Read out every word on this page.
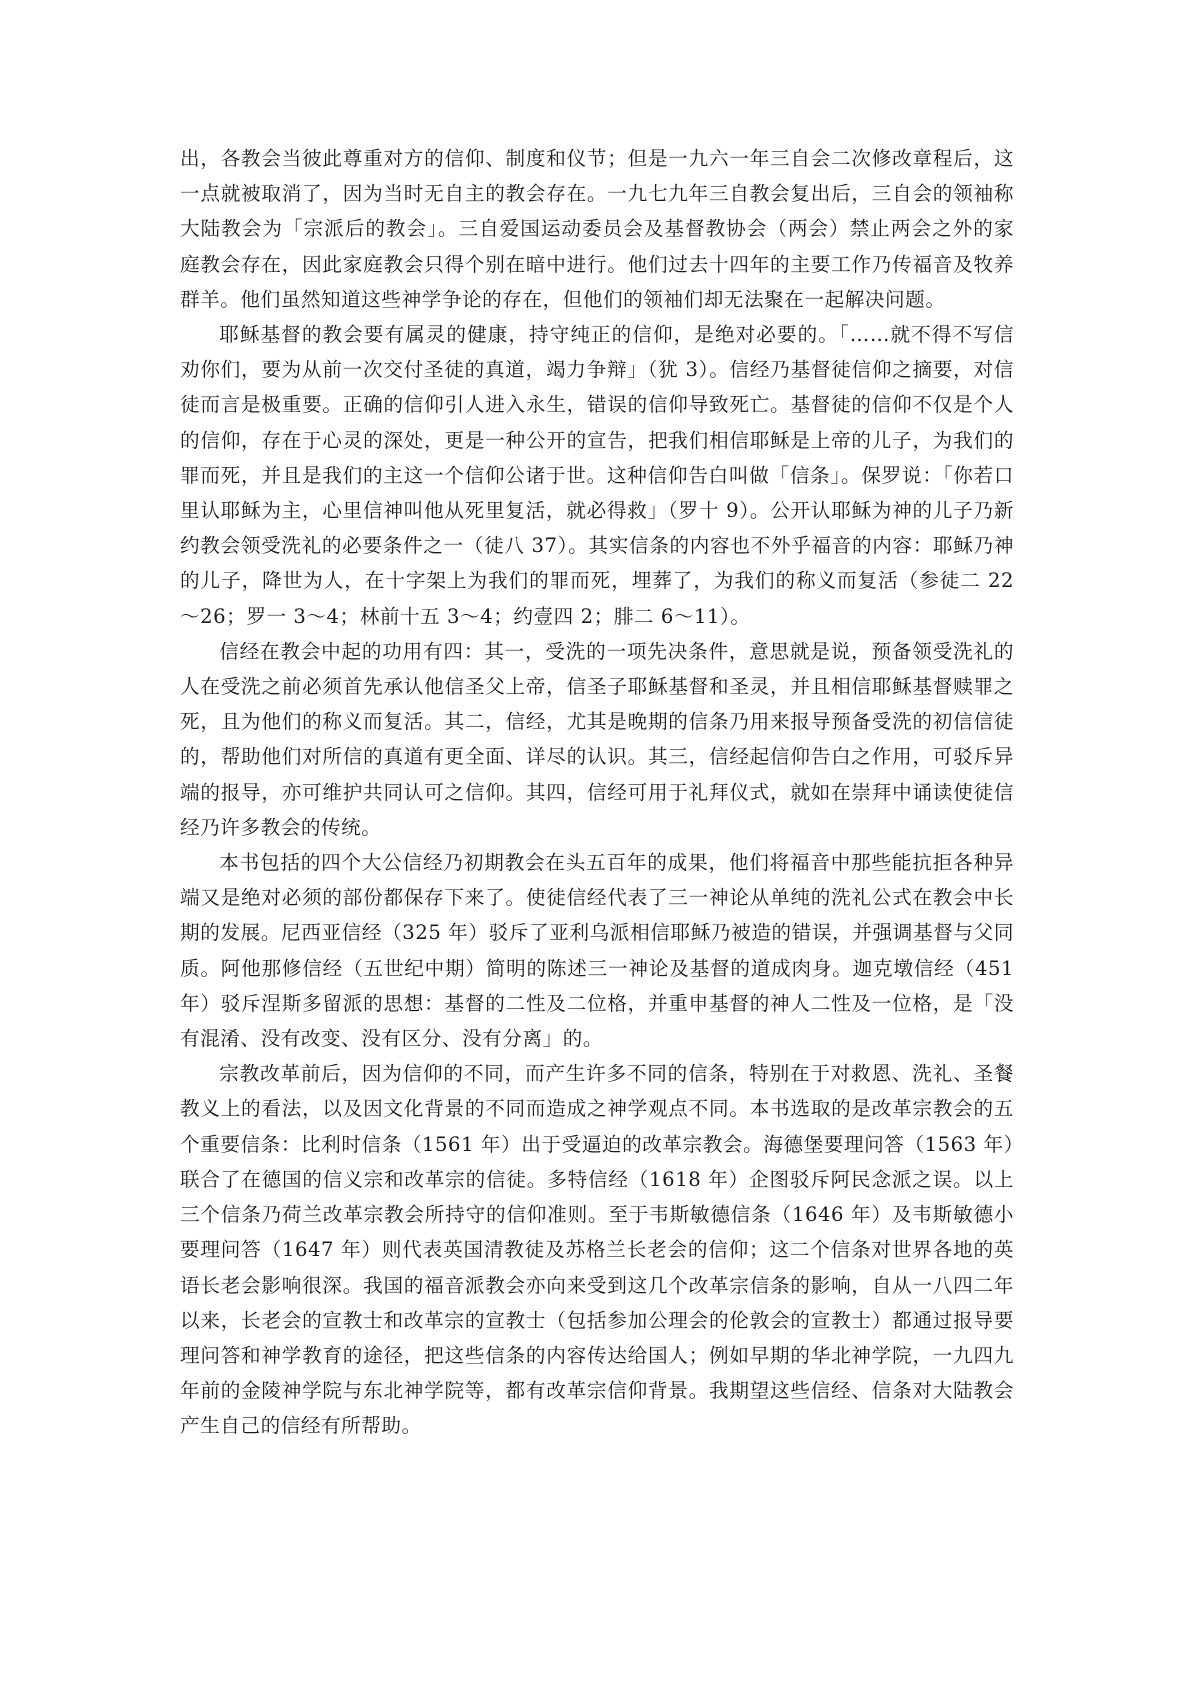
出，各教会当彼此尊重对方的信仰、制度和仪节；但是一九六一年三自会二次修改章程后，这一点就被取消了，因为当时无自主的教会存在。一九七九年三自教会复出后，三自会的领袖称大陆教会为「宗派后的教会」。三自爱国运动委员会及基督教协会（两会）禁止两会之外的家庭教会存在，因此家庭教会只得个别在暗中进行。他们过去十四年的主要工作乃传福音及牧养群羊。他们虽然知道这些神学争论的存在，但他们的领袖们却无法聚在一起解决问题。

耶稣基督的教会要有属灵的健康，持守纯正的信仰，是绝对必要的。「……就不得不写信劝你们，要为从前一次交付圣徒的真道，竭力争辩」（犹 3）。信经乃基督徒信仰之摘要，对信徒而言是极重要。正确的信仰引人进入永生，错误的信仰导致死亡。基督徒的信仰不仅是个人的信仰，存在于心灵的深处，更是一种公开的宣告，把我们相信耶稣是上帝的儿子，为我们的罪而死，并且是我们的主这一个信仰公诸于世。这种信仰告白叫做「信条」。保罗说：「你若口里认耶稣为主，心里信神叫他从死里复活，就必得救」（罗十 9）。公开认耶稣为神的儿子乃新约教会领受洗礼的必要条件之一（徒八 37）。其实信条的内容也不外乎福音的内容：耶稣乃神的儿子，降世为人，在十字架上为我们的罪而死，埋葬了，为我们的称义而复活（参徒二 22～26；罗一 3～4；林前十五 3～4；约壹四 2；腓二 6～11）。

信经在教会中起的功用有四：其一，受洗的一项先决条件，意思就是说，预备领受洗礼的人在受洗之前必须首先承认他信圣父上帝，信圣子耶稣基督和圣灵，并且相信耶稣基督赎罪之死，且为他们的称义而复活。其二，信经，尤其是晚期的信条乃用来报导预备受洗的初信信徒的，帮助他们对所信的真道有更全面、详尽的认识。其三，信经起信仰告白之作用，可驳斥异端的报导，亦可维护共同认可之信仰。其四，信经可用于礼拜仪式，就如在崇拜中诵读使徒信经乃许多教会的传统。

本书包括的四个大公信经乃初期教会在头五百年的成果，他们将福音中那些能抗拒各种异端又是绝对必须的部份都保存下来了。使徒信经代表了三一神论从单纯的洗礼公式在教会中长期的发展。尼西亚信经（325 年）驳斥了亚利乌派相信耶稣乃被造的错误，并强调基督与父同质。阿他那修信经（五世纪中期）简明的陈述三一神论及基督的道成肉身。迦克墩信经（451 年）驳斥涅斯多留派的思想：基督的二性及二位格，并重申基督的神人二性及一位格，是「没有混淆、没有改变、没有区分、没有分离」的。

宗教改革前后，因为信仰的不同，而产生许多不同的信条，特别在于对救恩、洗礼、圣餐教义上的看法，以及因文化背景的不同而造成之神学观点不同。本书选取的是改革宗教会的五个重要信条：比利时信条（1561 年）出于受逼迫的改革宗教会。海德堡要理问答（1563 年）联合了在德国的信义宗和改革宗的信徒。多特信经（1618 年）企图驳斥阿民念派之误。以上三个信条乃荷兰改革宗教会所持守的信仰准则。至于韦斯敏德信条（1646 年）及韦斯敏德小要理问答（1647 年）则代表英国清教徒及苏格兰长老会的信仰；这二个信条对世界各地的英语长老会影响很深。我国的福音派教会亦向来受到这几个改革宗信条的影响，自从一八四二年以来，长老会的宣教士和改革宗的宣教士（包括参加公理会的伦敦会的宣教士）都通过报导要理问答和神学教育的途径，把这些信条的内容传达给国人；例如早期的华北神学院，一九四九年前的金陵神学院与东北神学院等，都有改革宗信仰背景。我期望这些信经、信条对大陆教会产生自己的信经有所帮助。
